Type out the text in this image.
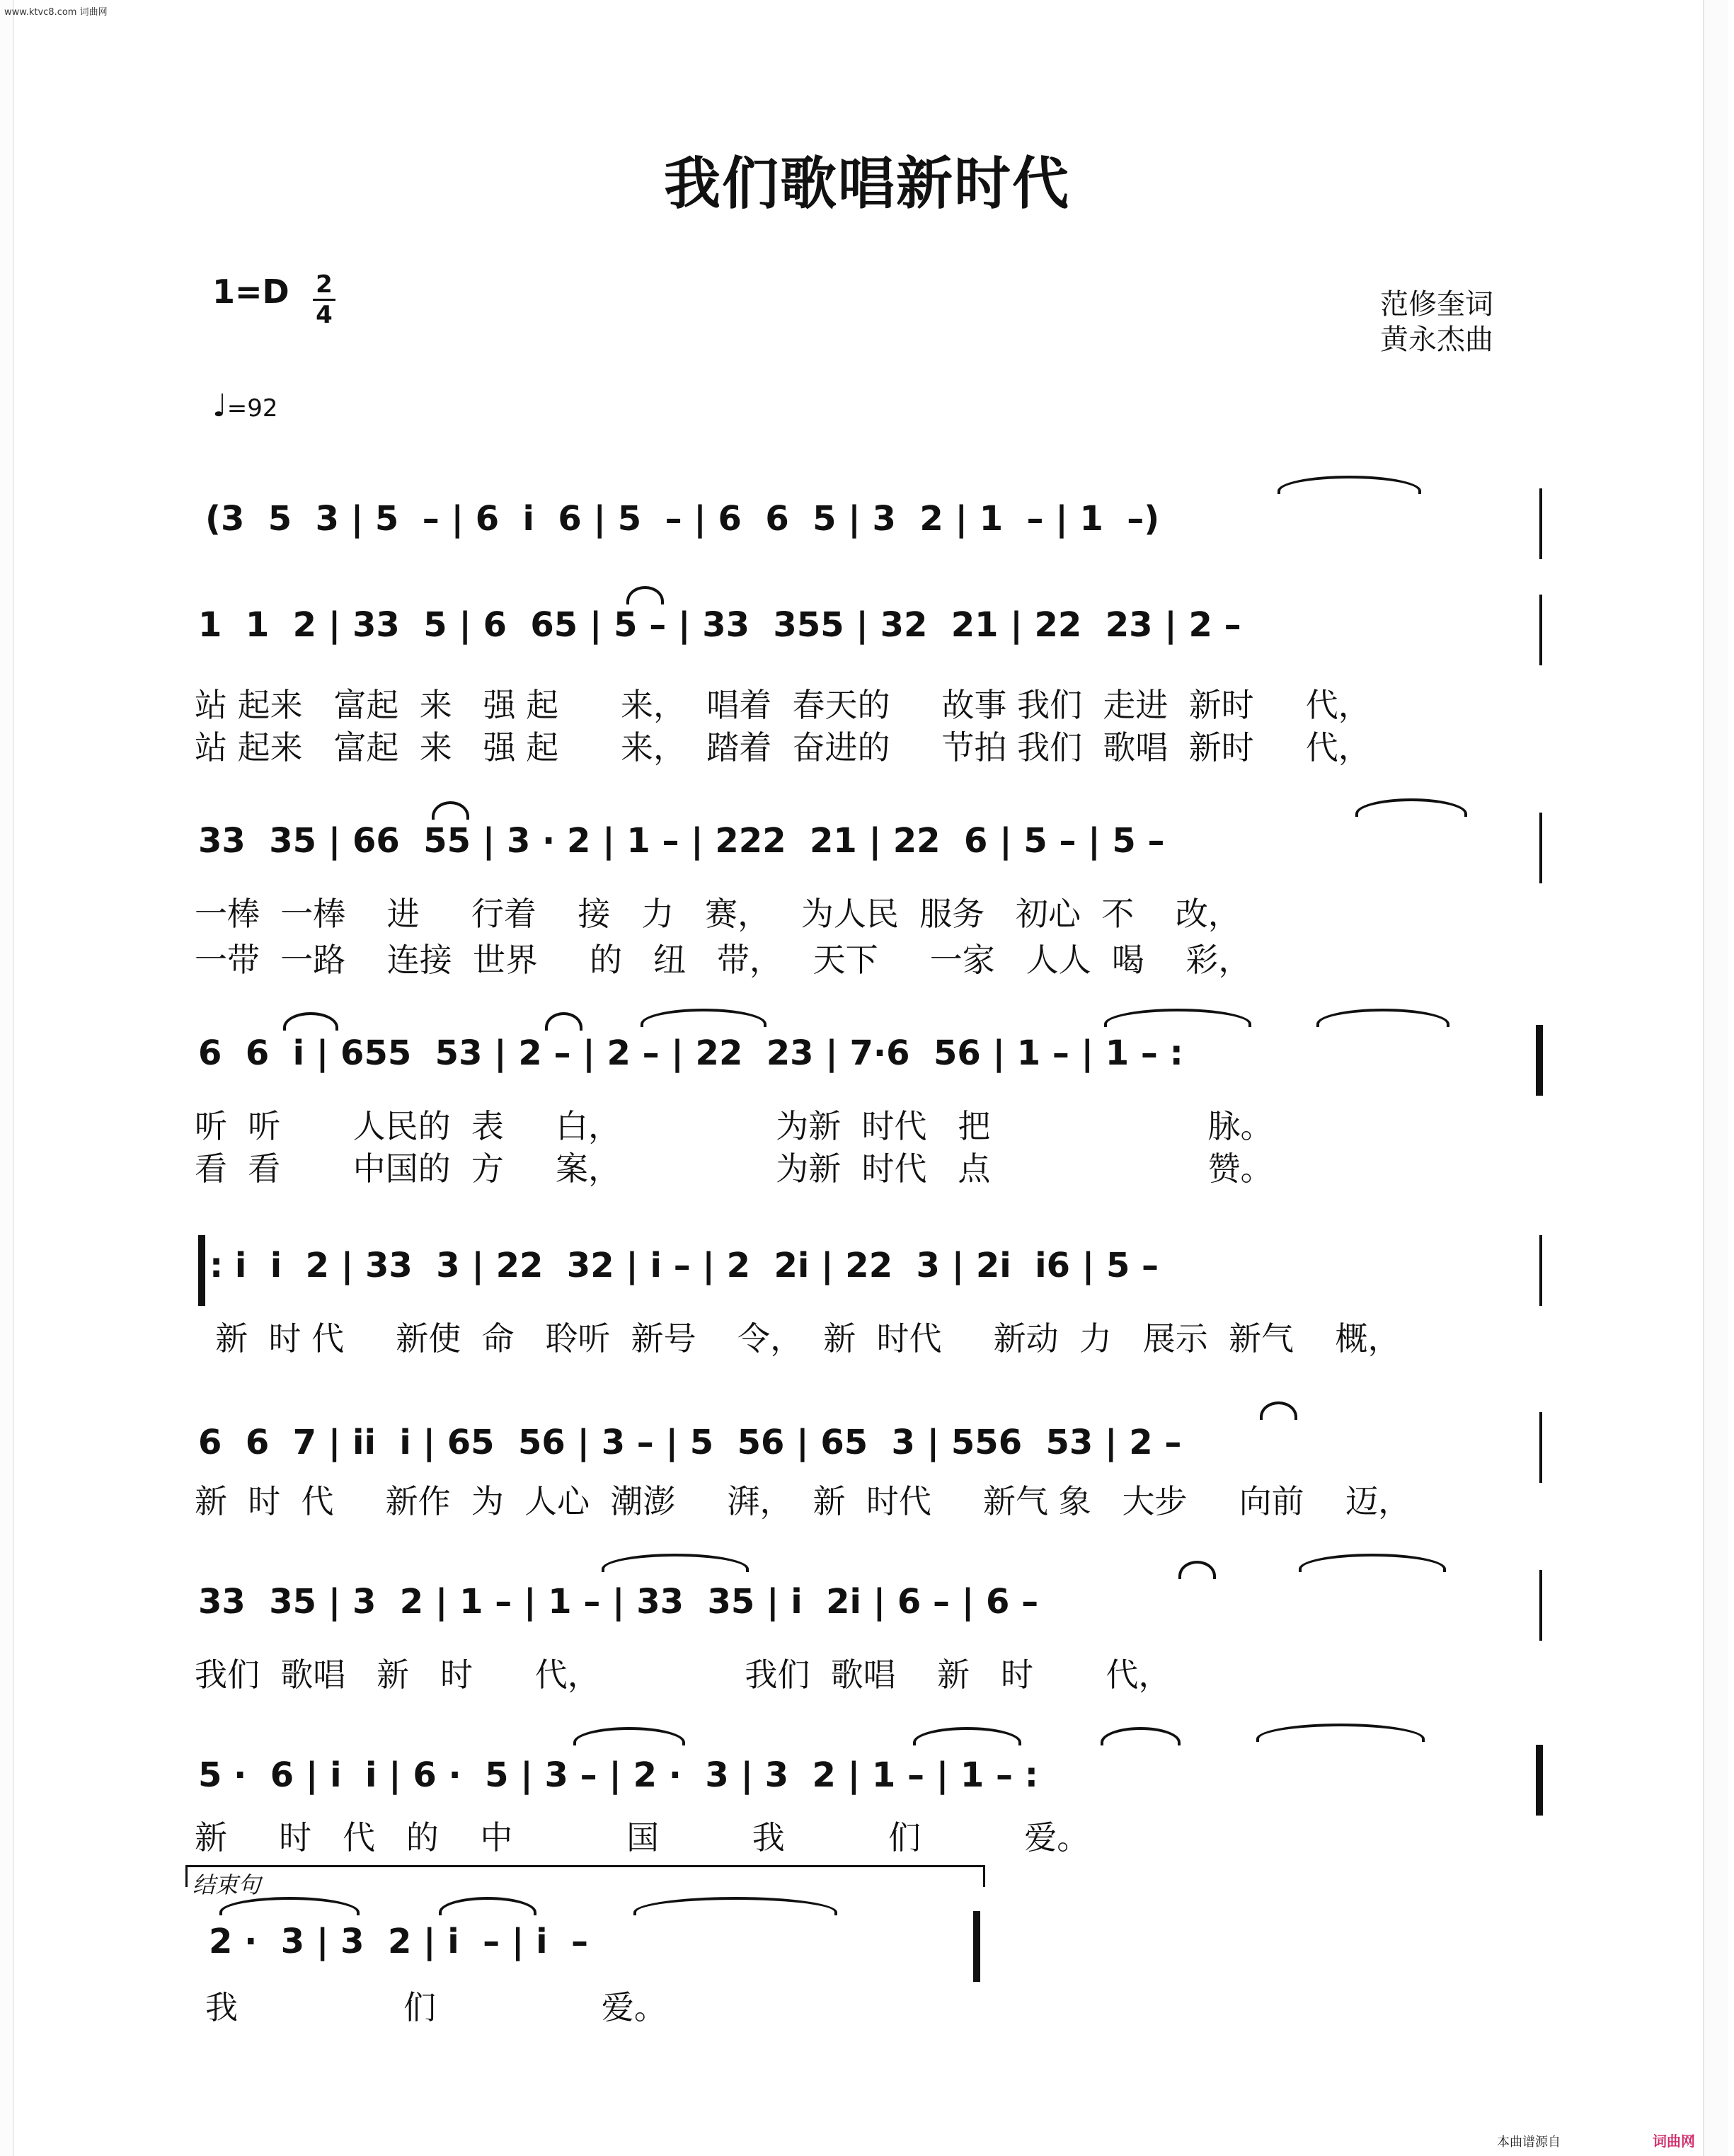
www.ktvc8.com 词曲网
我们歌唱新时代
1=D 2
4	范修奎词
黄永杰曲
♩=92
(3  5  3 | 5  – | 6  i  6 | 5  – | 6  6  5 | 3  2 | 1  – | 1  –)
1  1  2 | 33  5 | 6  65 | 5 – | 33  355 | 32  21 | 22  23 | 2 –
站 起来   富起  来   强 起      来，  唱着  春天的     故事 我们  走进  新时     代，
站 起来   富起  来   强 起      来，  踏着  奋进的     节拍 我们  歌唱  新时     代，
33  35 | 66  55 | 3 · 2 | 1 – | 222  21 | 22  6 | 5 – | 5 –
一棒  一棒    进     行着    接   力   赛，   为人民  服务   初心  不    改，
一带  一路    连接  世界     的   纽   带，   天下     一家   人人  喝    彩，
6  6  i | 655  53 | 2 – | 2 – | 22  23 | 7·6  56 | 1 – | 1 – :
听  听       人民的  表     白，               为新  时代   把                     脉。
看  看       中国的  方     案，               为新  时代   点                     赞。
: i  i  2 | 33  3 | 22  32 | i – | 2  2i | 22  3 | 2i  i6 | 5 –
新  时 代     新使  命   聆听  新号    令，  新  时代     新动  力   展示  新气    概，
6  6  7 | ii  i | 65  56 | 3 – | 5  56 | 65  3 | 556  53 | 2 –
新  时  代     新作  为  人心  潮澎     湃，  新  时代     新气 象   大步     向前    迈，
33  35 | 3  2 | 1 – | 1 – | 33  35 | i  2i | 6 – | 6 –
我们  歌唱   新   时      代，              我们  歌唱    新   时       代，
5 ·  6 | i  i | 6 ·  5 | 3 – | 2 ·  3 | 3  2 | 1 – | 1 – :
新     时   代   的    中           国         我          们          爱。
结束句
2 ·  3 | 3  2 | i  – | i  –
我                们                爱。
本曲谱源自	词曲网
